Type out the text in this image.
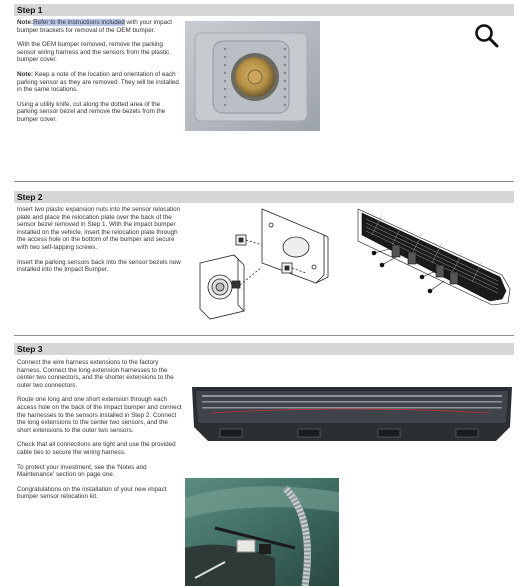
Step 1

Note:Refer to the instructions included with your impact bumper brackets for removal of the OEM bumper.

With the OEM bumper removed, remove the parking sensor wiring harness and the sensors from the plastic bumper cover.

Note: Keep a note of the location and orientation of each parking sensor as they are removed. They will be installed in the same locations.

Using a utility knife, cut along the dotted area of the parking sensor bezel and remove the bezels from the bumper cover.

Step 2

Insert two plastic expansion nuts into the sensor relocation plate and place the relocation plate over the back of the sensor bezel removed in Step 1. With the impact bumper installed on the vehicle, insert the relocation plate through the access hole on the bottom of the bumper and secure with two self-tapping screws.

Insert the parking sensors back into the sensor bezels now installed into the Impact Bumper.

Step 3

Connect the wire harness extensions to the factory harness. Connect the long extension harnesses to the center two connectors, and the shorter extensions to the outer two connectors.

Route one long and one short extension through each access hole on the back of the impact bumper and connect the harnesses to the sensors installed in Step 2. Connect the long extensions to the center two sensors, and the short extensions to the outer two sensors.

Check that all connections are tight and use the provided cable ties to secure the wiring harness.

To protect your investment, see the 'Notes and Maintenance' section on page one.

Congratulations on the installation of your new impact bumper sensor relocation kit.
